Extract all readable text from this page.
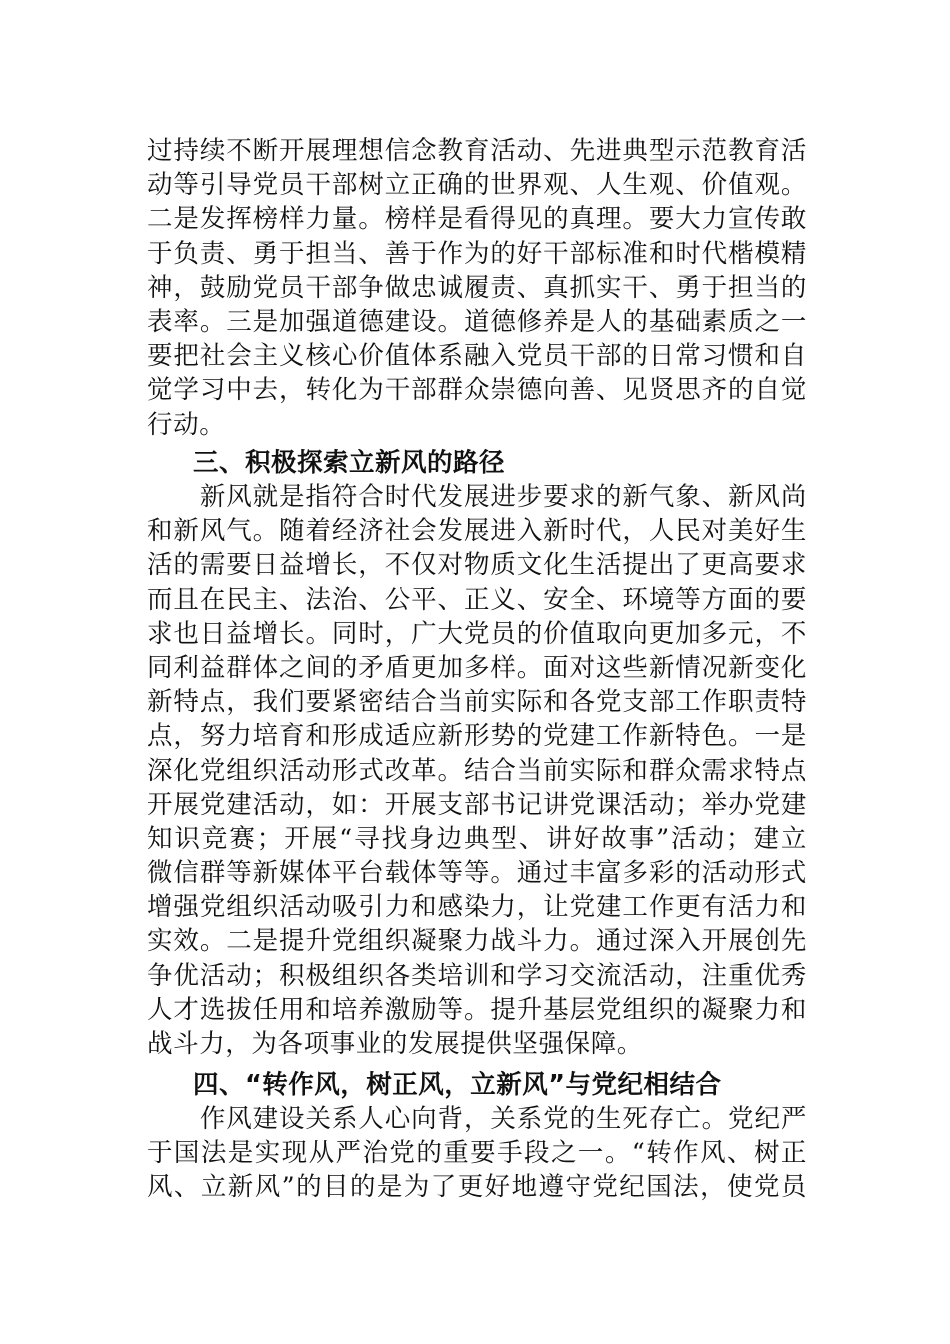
过持续不断开展理想信念教育活动、先进典型示范教育活
动等引导党员干部树立正确的世界观、人生观、价值观。
二是发挥榜样力量。榜样是看得见的真理。要大力宣传敢
于负责、勇于担当、善于作为的好干部标准和时代楷模精
神，鼓励党员干部争做忠诚履责、真抓实干、勇于担当的
表率。三是加强道德建设。道德修养是人的基础素质之一
要把社会主义核心价值体系融入党员干部的日常习惯和自
觉学习中去，转化为干部群众崇德向善、见贤思齐的自觉
行动。
三、积极探索立新风的路径
　　新风就是指符合时代发展进步要求的新气象、新风尚
和新风气。随着经济社会发展进入新时代，人民对美好生
活的需要日益增长，不仅对物质文化生活提出了更高要求
而且在民主、法治、公平、正义、安全、环境等方面的要
求也日益增长。同时，广大党员的价值取向更加多元，不
同利益群体之间的矛盾更加多样。面对这些新情况新变化
新特点，我们要紧密结合当前实际和各党支部工作职责特
点，努力培育和形成适应新形势的党建工作新特色。一是
深化党组织活动形式改革。结合当前实际和群众需求特点
开展党建活动，如：开展支部书记讲党课活动；举办党建
知识竞赛；开展“寻找身边典型、讲好故事”活动；建立
微信群等新媒体平台载体等等。通过丰富多彩的活动形式
增强党组织活动吸引力和感染力，让党建工作更有活力和
实效。二是提升党组织凝聚力战斗力。通过深入开展创先
争优活动；积极组织各类培训和学习交流活动，注重优秀
人才选拔任用和培养激励等。提升基层党组织的凝聚力和
战斗力，为各项事业的发展提供坚强保障。
四、“转作风，树正风，立新风”与党纪相结合
　　作风建设关系人心向背，关系党的生死存亡。党纪严
于国法是实现从严治党的重要手段之一。“转作风、树正
风、立新风”的目的是为了更好地遵守党纪国法，使党员
